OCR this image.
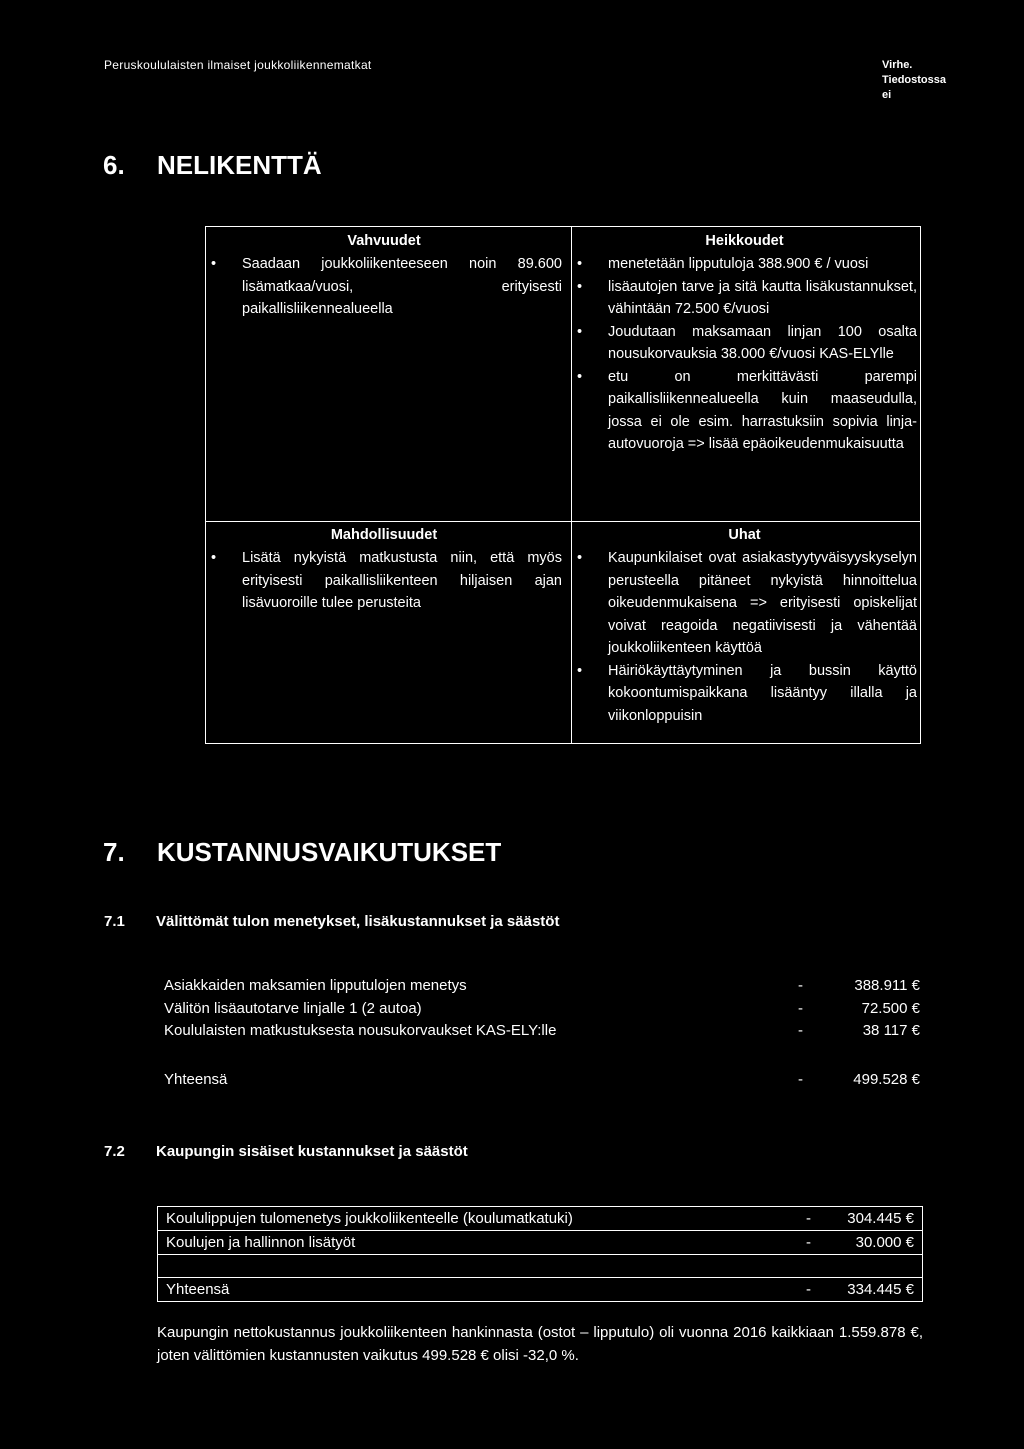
Peruskoululaisten ilmaiset joukkoliikennematkat	Virhe. Tiedostossa ei
6. NELIKENTTÄ
Vahvuudet
• Saadaan joukkoliikenteeseen noin 89.600 lisämatkaa/vuosi, erityisesti paikallisliikennealueella
Heikkoudet
• menetetään lipputuloja 388.900 € / vuosi
• lisäautojen tarve ja sitä kautta lisäkustannukset, vähintään 72.500 €/vuosi
• Joudutaan maksamaan linjan 100 osalta nousukorvauksia 38.000 €/vuosi KAS-ELYlle
• etu on merkittävästi parempi paikallisliikennealueella kuin maaseudulla, jossa ei ole esim. harrastuksiin sopivia linja-autovuoroja => lisää epäoikeudenmukaisuutta
Mahdollisuudet
• Lisätä nykyistä matkustusta niin, että myös erityisesti paikallisliikenteen hiljaisen ajan lisävuoroille tulee perusteita
Uhat
• Kaupunkilaiset ovat asiakastyytyväisyyskyselyn perusteella pitäneet nykyistä hinnoittelua oikeudenmukaisena => erityisesti opiskelijat voivat reagoida negatiivisesti ja vähentää joukkoliikenteen käyttöä
• Häiriökäyttäytyminen ja bussin käyttö kokoontumispaikkana lisääntyy illalla ja viikonloppuisin
7. KUSTANNUSVAIKUTUKSET
7.1 Välittömät tulon menetykset, lisäkustannukset ja säästöt
Asiakkaiden maksamien lipputulojen menetys	-	388.911 €
Välitön lisäautotarve linjalle 1 (2 autoa)	-	72.500 €
Koululaisten matkustuksesta nousukorvaukset KAS-ELY:lle	-	38 117 €
Yhteensä	-	499.528 €
7.2 Kaupungin sisäiset kustannukset ja säästöt
Koululippujen tulomenetys joukkoliikenteelle (koulumatkatuki)	- 304.445 €
Koulujen ja hallinnon lisätyöt	-	30.000 €
Yhteensä	- 334.445 €
Kaupungin nettokustannus joukkoliikenteen hankinnasta (ostot – lipputulo) oli vuonna 2016 kaikkiaan 1.559.878 €, joten välittömien kustannusten vaikutus 499.528 € olisi -32,0 %.
